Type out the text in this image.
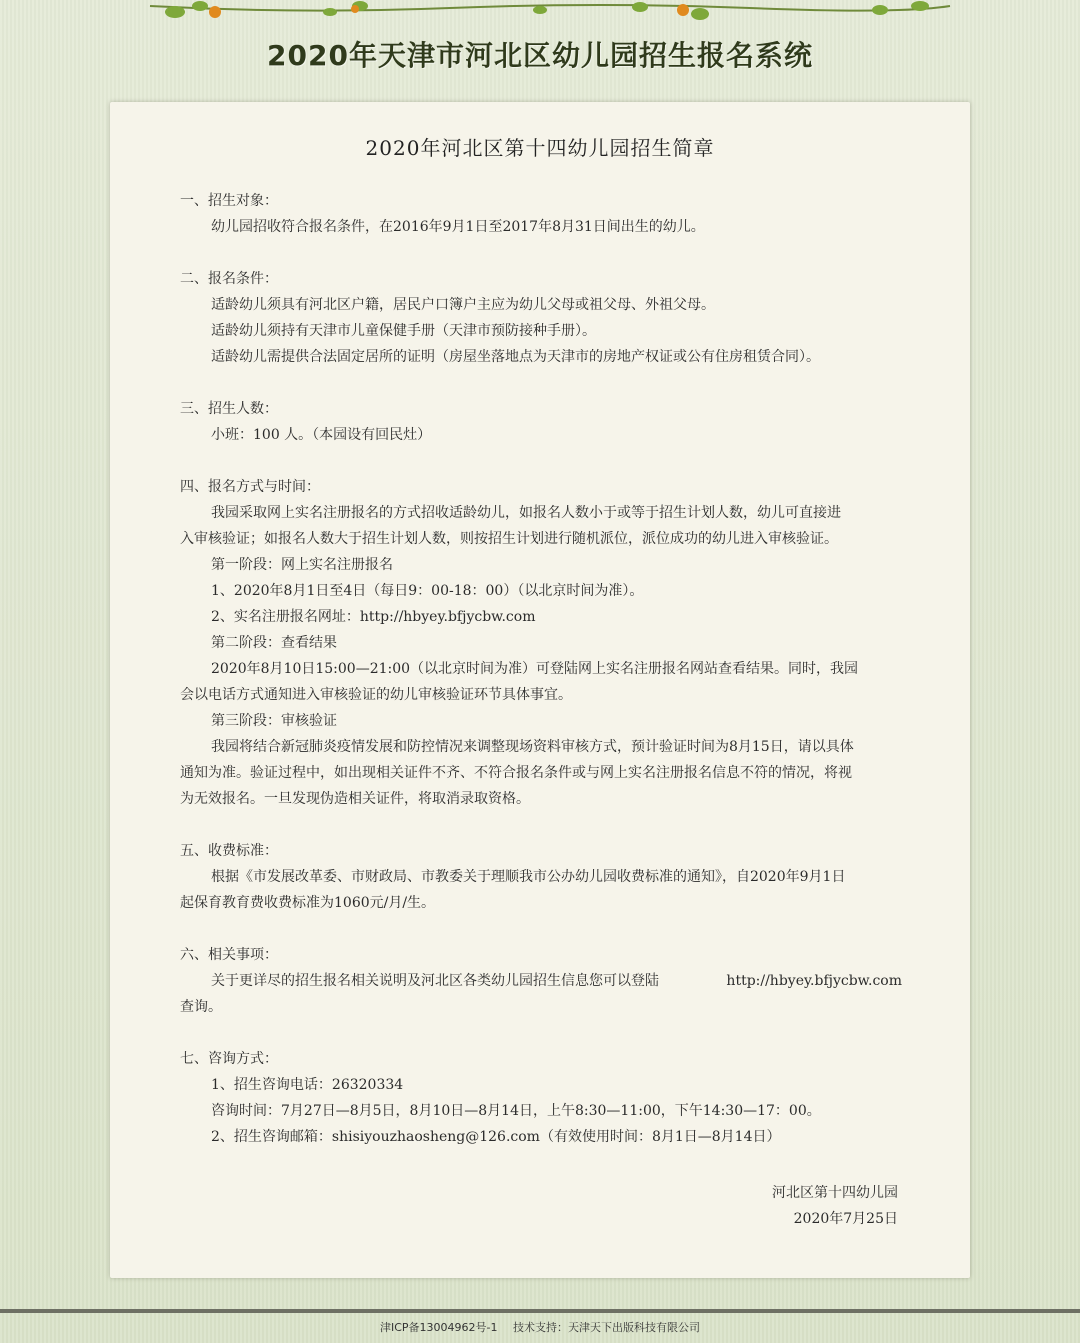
2020年天津市河北区幼儿园招生报名系统
2020年河北区第十四幼儿园招生简章
一、招生对象：
幼儿园招收符合报名条件，在2016年9月1日至2017年8月31日间出生的幼儿。
二、报名条件：
适龄幼儿须具有河北区户籍，居民户口簿户主应为幼儿父母或祖父母、外祖父母。
适龄幼儿须持有天津市儿童保健手册（天津市预防接种手册）。
适龄幼儿需提供合法固定居所的证明（房屋坐落地点为天津市的房地产权证或公有住房租赁合同）。
三、招生人数：
小班：100 人。（本园设有回民灶）
四、报名方式与时间：
我园采取网上实名注册报名的方式招收适龄幼儿，如报名人数小于或等于招生计划人数，幼儿可直接进
入审核验证；如报名人数大于招生计划人数，则按招生计划进行随机派位，派位成功的幼儿进入审核验证。
第一阶段：网上实名注册报名
1、2020年8月1日至4日（每日9：00-18：00）（以北京时间为准）。
2、实名注册报名网址：http://hbyey.bfjycbw.com
第二阶段：查看结果
2020年8月10日15:00—21:00（以北京时间为准）可登陆网上实名注册报名网站查看结果。同时，我园
会以电话方式通知进入审核验证的幼儿审核验证环节具体事宜。
第三阶段：审核验证
我园将结合新冠肺炎疫情发展和防控情况来调整现场资料审核方式，预计验证时间为8月15日，请以具体
通知为准。验证过程中，如出现相关证件不齐、不符合报名条件或与网上实名注册报名信息不符的情况，将视
为无效报名。一旦发现伪造相关证件，将取消录取资格。
五、收费标准：
根据《市发展改革委、市财政局、市教委关于理顺我市公办幼儿园收费标准的通知》，自2020年9月1日
起保育教育费收费标准为1060元/月/生。
六、相关事项：
关于更详尽的招生报名相关说明及河北区各类幼儿园招生信息您可以登陆	http://hbyey.bfjycbw.com
查询。
七、咨询方式：
1、招生咨询电话：26320334
咨询时间：7月27日—8月5日，8月10日—8月14日，上午8:30—11:00，下午14:30—17：00。
2、招生咨询邮箱：shisiyouzhaosheng@126.com（有效使用时间：8月1日—8月14日）
河北区第十四幼儿园
2020年7月25日
津ICP备13004962号-1 技术支持：天津天下出版科技有限公司
